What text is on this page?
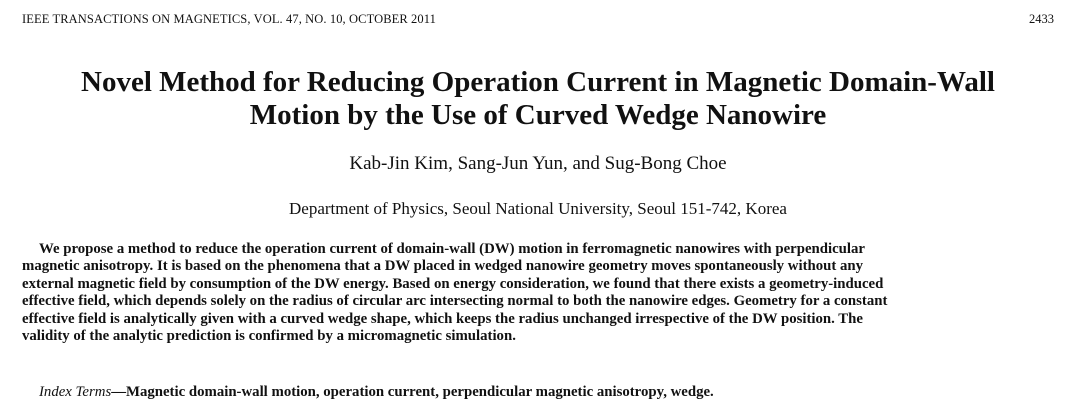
IEEE TRANSACTIONS ON MAGNETICS, VOL. 47, NO. 10, OCTOBER 2011	2433
Novel Method for Reducing Operation Current in Magnetic Domain-Wall
Motion by the Use of Curved Wedge Nanowire
Kab-Jin Kim, Sang-Jun Yun, and Sug-Bong Choe
Department of Physics, Seoul National University, Seoul 151-742, Korea
We propose a method to reduce the operation current of domain-wall (DW) motion in ferromagnetic nanowires with perpendicular
magnetic anisotropy. It is based on the phenomena that a DW placed in wedged nanowire geometry moves spontaneously without any
external magnetic field by consumption of the DW energy. Based on energy consideration, we found that there exists a geometry-induced
effective field, which depends solely on the radius of circular arc intersecting normal to both the nanowire edges. Geometry for a constant
effective field is analytically given with a curved wedge shape, which keeps the radius unchanged irrespective of the DW position. The
validity of the analytic prediction is confirmed by a micromagnetic simulation.
Index Terms—Magnetic domain-wall motion, operation current, perpendicular magnetic anisotropy, wedge.
